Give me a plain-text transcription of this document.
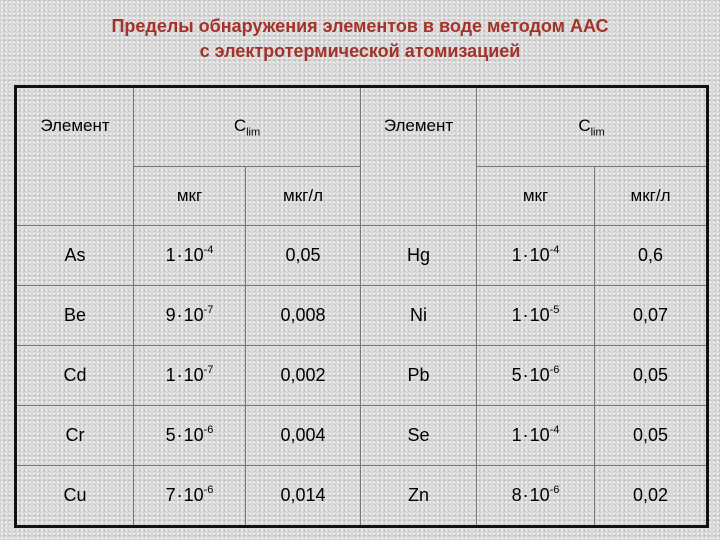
Пределы обнаружения элементов в воде методом ААС
с электротермической атомизацией
Элемент	$С_{lim}$	Элемент	$С_{lim}$
мкг	мкг/л	мкг	мкг/л
As	$1\cdot 10^{-4}$	0,05	Hg	$1\cdot 10^{-4}$	0,6
Be	$9\cdot 10^{-7}$	0,008	Ni	$1\cdot 10^{-5}$	0,07
Cd	$1\cdot 10^{-7}$	0,002	Pb	$5\cdot 10^{-6}$	0,05
Cr	$5\cdot 10^{-6}$	0,004	Se	$1\cdot 10^{-4}$	0,05
Cu	$7\cdot 10^{-6}$	0,014	Zn	$8\cdot 10^{-6}$	0,02
